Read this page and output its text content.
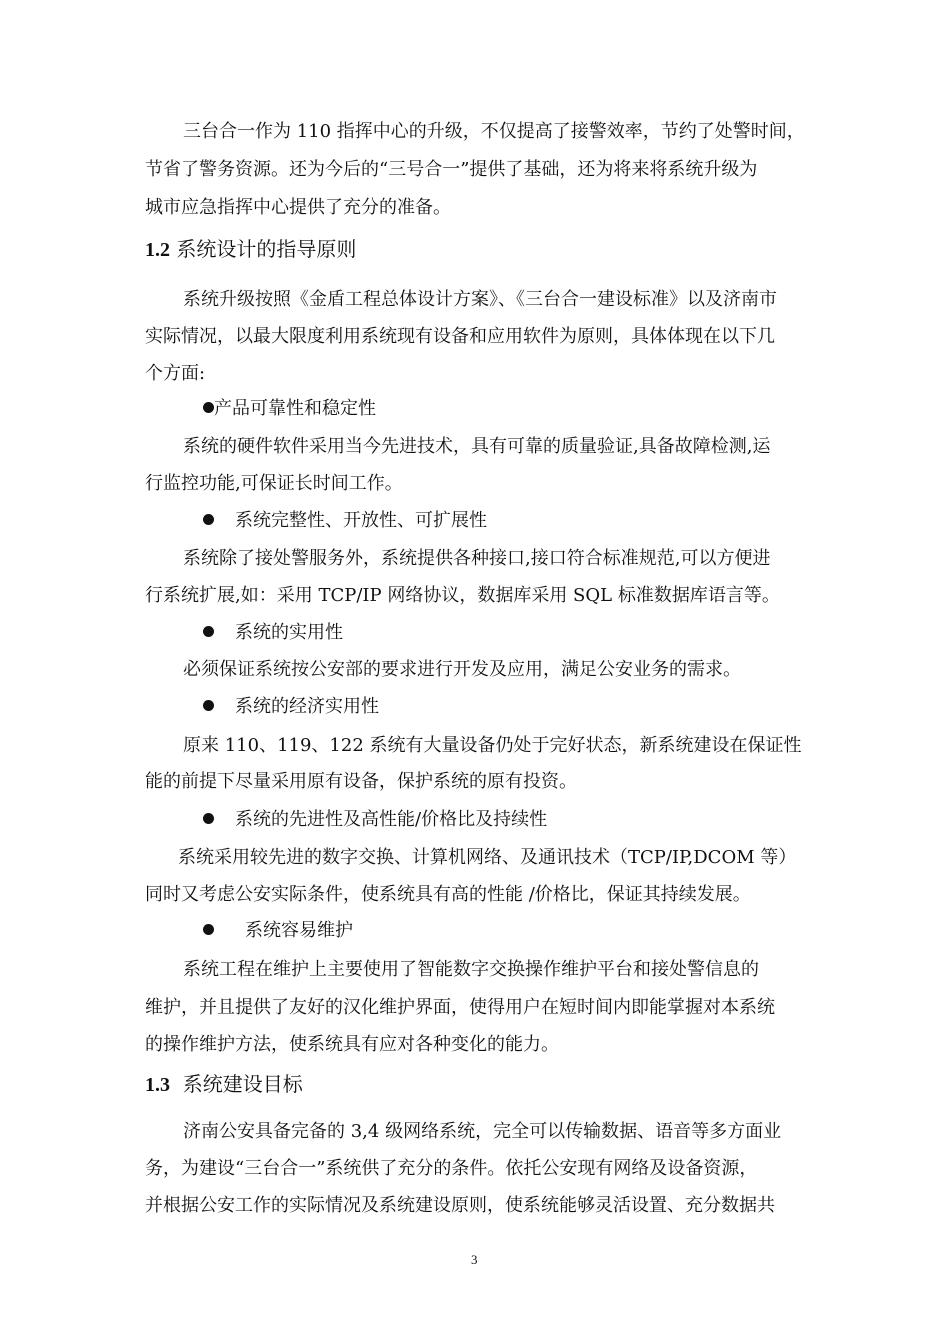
三台合一作为 110 指挥中心的升级，不仅提高了接警效率，节约了处警时间，
节省了警务资源。还为今后的“三号合一”提供了基础，还为将来将系统升级为
城市应急指挥中心提供了充分的准备。
1.2 系统设计的指导原则
系统升级按照《金盾工程总体设计方案》、《三台合一建设标准》以及济南市
实际情况，以最大限度利用系统现有设备和应用软件为原则，具体体现在以下几
个方面:
产品可靠性和稳定性
系统的硬件软件采用当今先进技术，具有可靠的质量验证,具备故障检测,运
行监控功能,可保证长时间工作。
系统完整性、开放性、可扩展性
系统除了接处警服务外，系统提供各种接口,接口符合标准规范,可以方便进
行系统扩展,如：采用 TCP/IP 网络协议，数据库采用 SQL 标准数据库语言等。
系统的实用性
必须保证系统按公安部的要求进行开发及应用，满足公安业务的需求。
系统的经济实用性
原来 110、119、122 系统有大量设备仍处于完好状态，新系统建设在保证性
能的前提下尽量采用原有设备，保护系统的原有投资。
系统的先进性及高性能/价格比及持续性
系统采用较先进的数字交换、计算机网络、及通讯技术（TCP/IP,DCOM 等）
同时又考虑公安实际条件，使系统具有高的性能 /价格比，保证其持续发展。
系统容易维护
系统工程在维护上主要使用了智能数字交换操作维护平台和接处警信息的
维护，并且提供了友好的汉化维护界面，使得用户在短时间内即能掌握对本系统
的操作维护方法，使系统具有应对各种变化的能力。
1.3 系统建设目标
济南公安具备完备的 3,4 级网络系统，完全可以传输数据、语音等多方面业
务，为建设“三台合一”系统供了充分的条件。依托公安现有网络及设备资源，
并根据公安工作的实际情况及系统建设原则，使系统能够灵活设置、充分数据共
3
